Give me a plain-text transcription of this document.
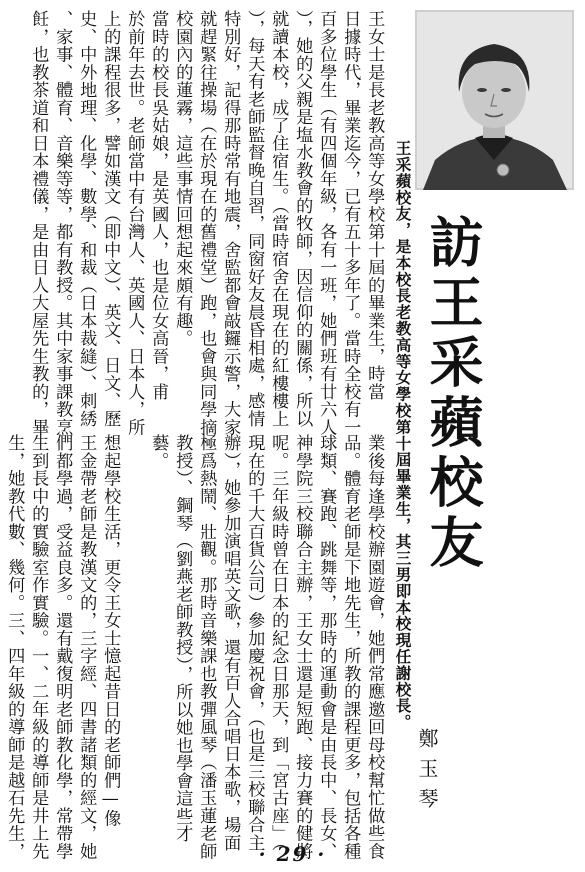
訪王采蘋校友
王采蘋校友，是本校長老教高等女學校第十屆畢業生，其三男即本校現任謝校長。
鄭玉琴
王女士是長老教高等女學校第十屆的畢業生，時當
日據時代，畢業迄今，已有五十多年了。當時全校有一
百多位學生（有四個年級，各有一班，她們班有廿六人
），她的父親是塩水教會的牧師，因信仰的關係，所以
就讀本校，成了住宿生。（當時宿舍在現在的紅樓樓上
），每天有老師監督晚自習，同窗好友晨昏相處，感情
特別好，記得那時常有地震，舍監都會敲鑼示警，大家
就趕緊往操場（在於現在的舊禮堂）跑，也會與同學摘
校園內的蓮霧，這些事情回想起來頗有趣。
當時的校長吳姑娘，是英國人，也是位女高晉，甫
於前年去世。老師當中有台灣人、英國人、日本人，所
上的課程很多，譬如漢文（即中文）、英文、日文、歷
史、中外地理、化學、數學、和裁（日本裁縫）、刺綉
、家事、體育、音樂等等，都有教授。其中家事課教烹
飪，也教茶道和日本禮儀，是由日人大屋先生教的，畢
業後每逢學校辦園遊會，她們常應邀回母校幫忙做些食
品。體育老師是下地先生，所教的課程更多，包括各種
球類、賽跑、跳舞等，那時的運動會是由長中、長女、
神學院三校聯合主辦，王女士還是短跑、接力賽的健將
呢。三年級時曾在日本的紀念日那天，到「宮古座」（
現在的千大百貨公司）參加慶祝會，（也是三校聯合主
辦），她參加演唱英文歌，還有百人合唱日本歌，場面
極爲熱鬧、壯觀。那時音樂課也教彈風琴（潘玉蓮老師
教授）、鋼琴（劉燕老師教授），所以她也學會這些才
藝。
想起學校生活，更令王女士憶起昔日的老師們—像
王金帶老師是教漢文的，三字經、四書諸類的經文，她
們都學過，受益良多。還有戴復明老師教化學，常帶學
生到長中的實驗室作實驗。一、二年級的導師是井上先
生，她教代數、幾何。三、四年級的導師是越石先生，	· 29 ·
